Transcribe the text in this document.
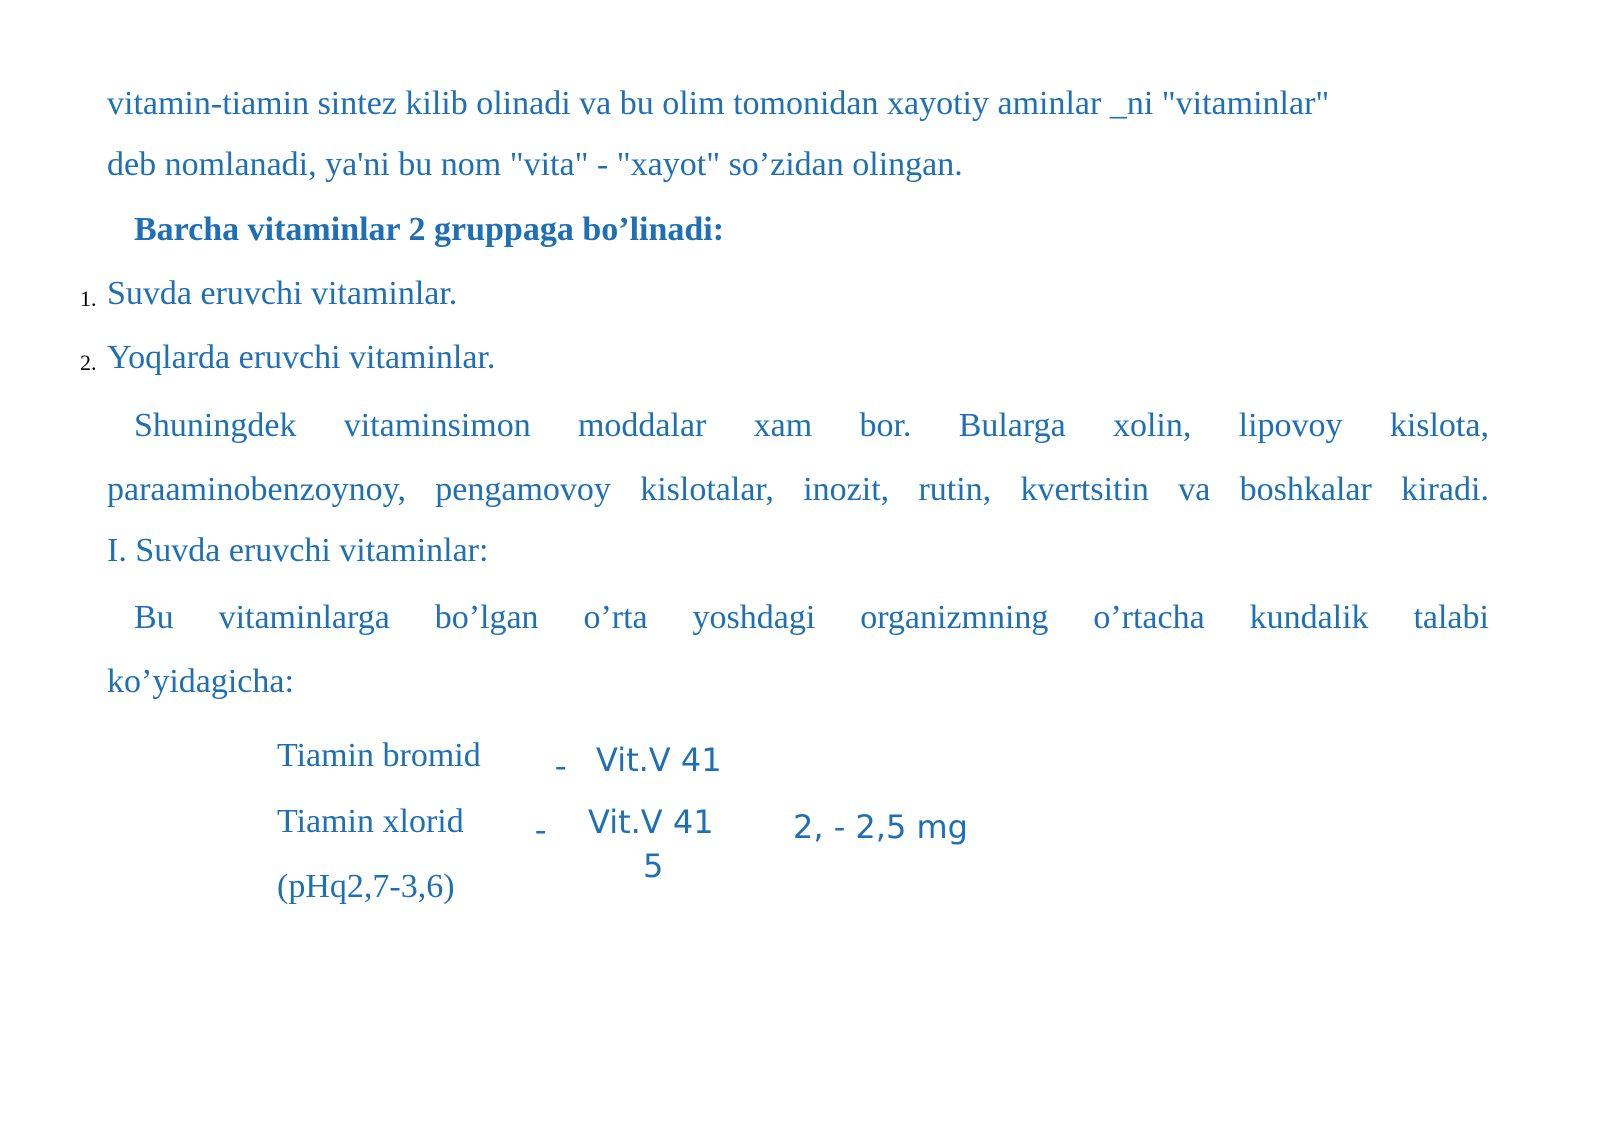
vitamin-tiamin sintez kilib olinadi va bu olim tomonidan xayotiy aminlar _ni "vitaminlar"
deb nomlanadi, ya'ni bu nom "vita" - "xayot" so’zidan olingan.
Barcha vitaminlar 2 gruppaga bo’linadi:
1. Suvda eruvchi vitaminlar.
2. Yoqlarda eruvchi vitaminlar.
Shuningdek vitaminsimon moddalar xam bor. Bularga xolin, lipovoy kislota,
paraaminobenzoynoy, pengamovoy kislotalar, inozit, rutin, kvertsitin va boshkalar kiradi.
I. Suvda eruvchi vitaminlar:
Bu vitaminlarga bo’lgan o’rta yoshdagi organizmning o’rtacha kundalik talabi
ko’yidagicha:
Tiamin bromid - Vit.V 41
Tiamin xlorid - Vit.V 41
5
2, - 2,5 mg
(pHq2,7-3,6)
